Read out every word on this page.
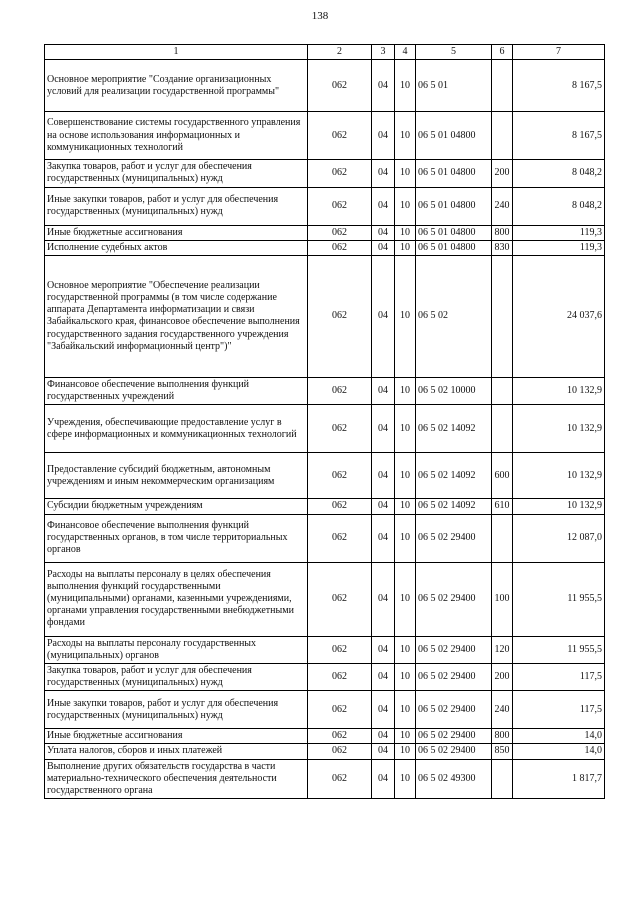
138
1	2	3	4	5	6	7
Основное мероприятие "Создание организационных условий для реализации государственной программы"	062	04	10	06 5 01		8 167,5
Совершенствование системы государственного управления на основе использования информационных и коммуникационных технологий	062	04	10	06 5 01 04800		8 167,5
Закупка товаров, работ и услуг для обеспечения государственных (муниципальных) нужд	062	04	10	06 5 01 04800	200	8 048,2
Иные закупки товаров, работ и услуг для обеспечения государственных (муниципальных) нужд	062	04	10	06 5 01 04800	240	8 048,2
Иные бюджетные ассигнования	062	04	10	06 5 01 04800	800	119,3
Исполнение судебных актов	062	04	10	06 5 01 04800	830	119,3
Основное мероприятие "Обеспечение реализации государственной программы (в том числе содержание аппарата Департамента информатизации и связи Забайкальского края, финансовое обеспечение выполнения государственного задания государственного учреждения "Забайкальский информационный центр")"	062	04	10	06 5 02		24 037,6
Финансовое обеспечение выполнения функций государственных учреждений	062	04	10	06 5 02 10000		10 132,9
Учреждения, обеспечивающие предоставление услуг в сфере информационных и коммуникационных технологий	062	04	10	06 5 02 14092		10 132,9
Предоставление субсидий бюджетным, автономным учреждениям и иным некоммерческим организациям	062	04	10	06 5 02 14092	600	10 132,9
Субсидии бюджетным учреждениям	062	04	10	06 5 02 14092	610	10 132,9
Финансовое обеспечение выполнения функций государственных органов, в том числе территориальных органов	062	04	10	06 5 02 29400		12 087,0
Расходы на выплаты персоналу в целях обеспечения выполнения функций государственными (муниципальными) органами, казенными учреждениями, органами управления государственными внебюджетными фондами	062	04	10	06 5 02 29400	100	11 955,5
Расходы на выплаты персоналу государственных (муниципальных) органов	062	04	10	06 5 02 29400	120	11 955,5
Закупка товаров, работ и услуг для обеспечения государственных (муниципальных) нужд	062	04	10	06 5 02 29400	200	117,5
Иные закупки товаров, работ и услуг для обеспечения государственных (муниципальных) нужд	062	04	10	06 5 02 29400	240	117,5
Иные бюджетные ассигнования	062	04	10	06 5 02 29400	800	14,0
Уплата налогов, сборов и иных платежей	062	04	10	06 5 02 29400	850	14,0
Выполнение других обязательств государства в части материально-технического обеспечения деятельности государственного органа	062	04	10	06 5 02 49300		1 817,7
